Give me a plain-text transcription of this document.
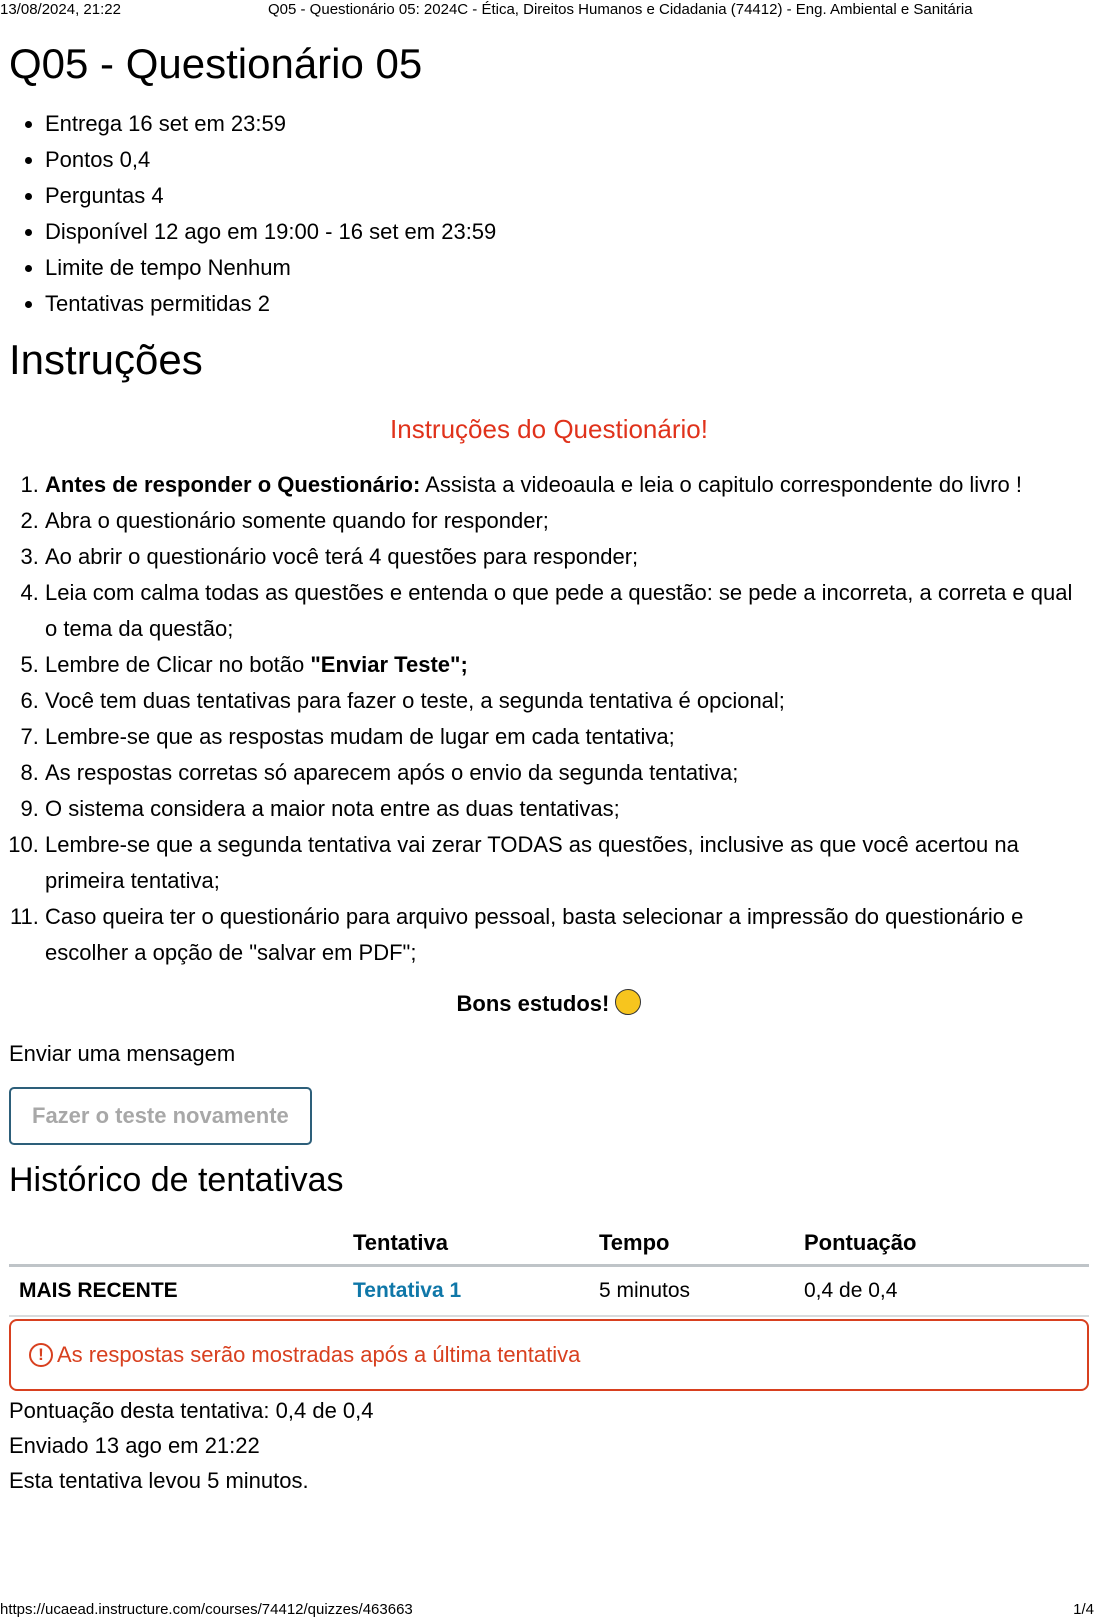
13/08/2024, 21:22	Q05 - Questionário 05: 2024C - Ética, Direitos Humanos e Cidadania (74412) - Eng. Ambiental e Sanitária
Q05 - Questionário 05
• Entrega 16 set em 23:59
• Pontos 0,4
• Perguntas 4
• Disponível 12 ago em 19:00 - 16 set em 23:59
• Limite de tempo Nenhum
• Tentativas permitidas 2
Instruções
Instruções do Questionário!
1. Antes de responder o Questionário: Assista a videoaula e leia o capitulo correspondente do livro !
2. Abra o questionário somente quando for responder;
3. Ao abrir o questionário você terá 4 questões para responder;
4. Leia com calma todas as questões e entenda o que pede a questão: se pede a incorreta, a correta e qual o tema da questão;
5. Lembre de Clicar no botão "Enviar Teste";
6. Você tem duas tentativas para fazer o teste, a segunda tentativa é opcional;
7. Lembre-se que as respostas mudam de lugar em cada tentativa;
8. As respostas corretas só aparecem após o envio da segunda tentativa;
9. O sistema considera a maior nota entre as duas tentativas;
10. Lembre-se que a segunda tentativa vai zerar TODAS as questões, inclusive as que você acertou na primeira tentativa;
11. Caso queira ter o questionário para arquivo pessoal, basta selecionar a impressão do questionário e escolher a opção de "salvar em PDF";
Bons estudos!
Enviar uma mensagem
Fazer o teste novamente
Histórico de tentativas
	Tentativa	Tempo	Pontuação
MAIS RECENTE	Tentativa 1	5 minutos	0,4 de 0,4
! As respostas serão mostradas após a última tentativa
Pontuação desta tentativa: 0,4 de 0,4
Enviado 13 ago em 21:22
Esta tentativa levou 5 minutos.
https://ucaead.instructure.com/courses/74412/quizzes/463663	1/4
